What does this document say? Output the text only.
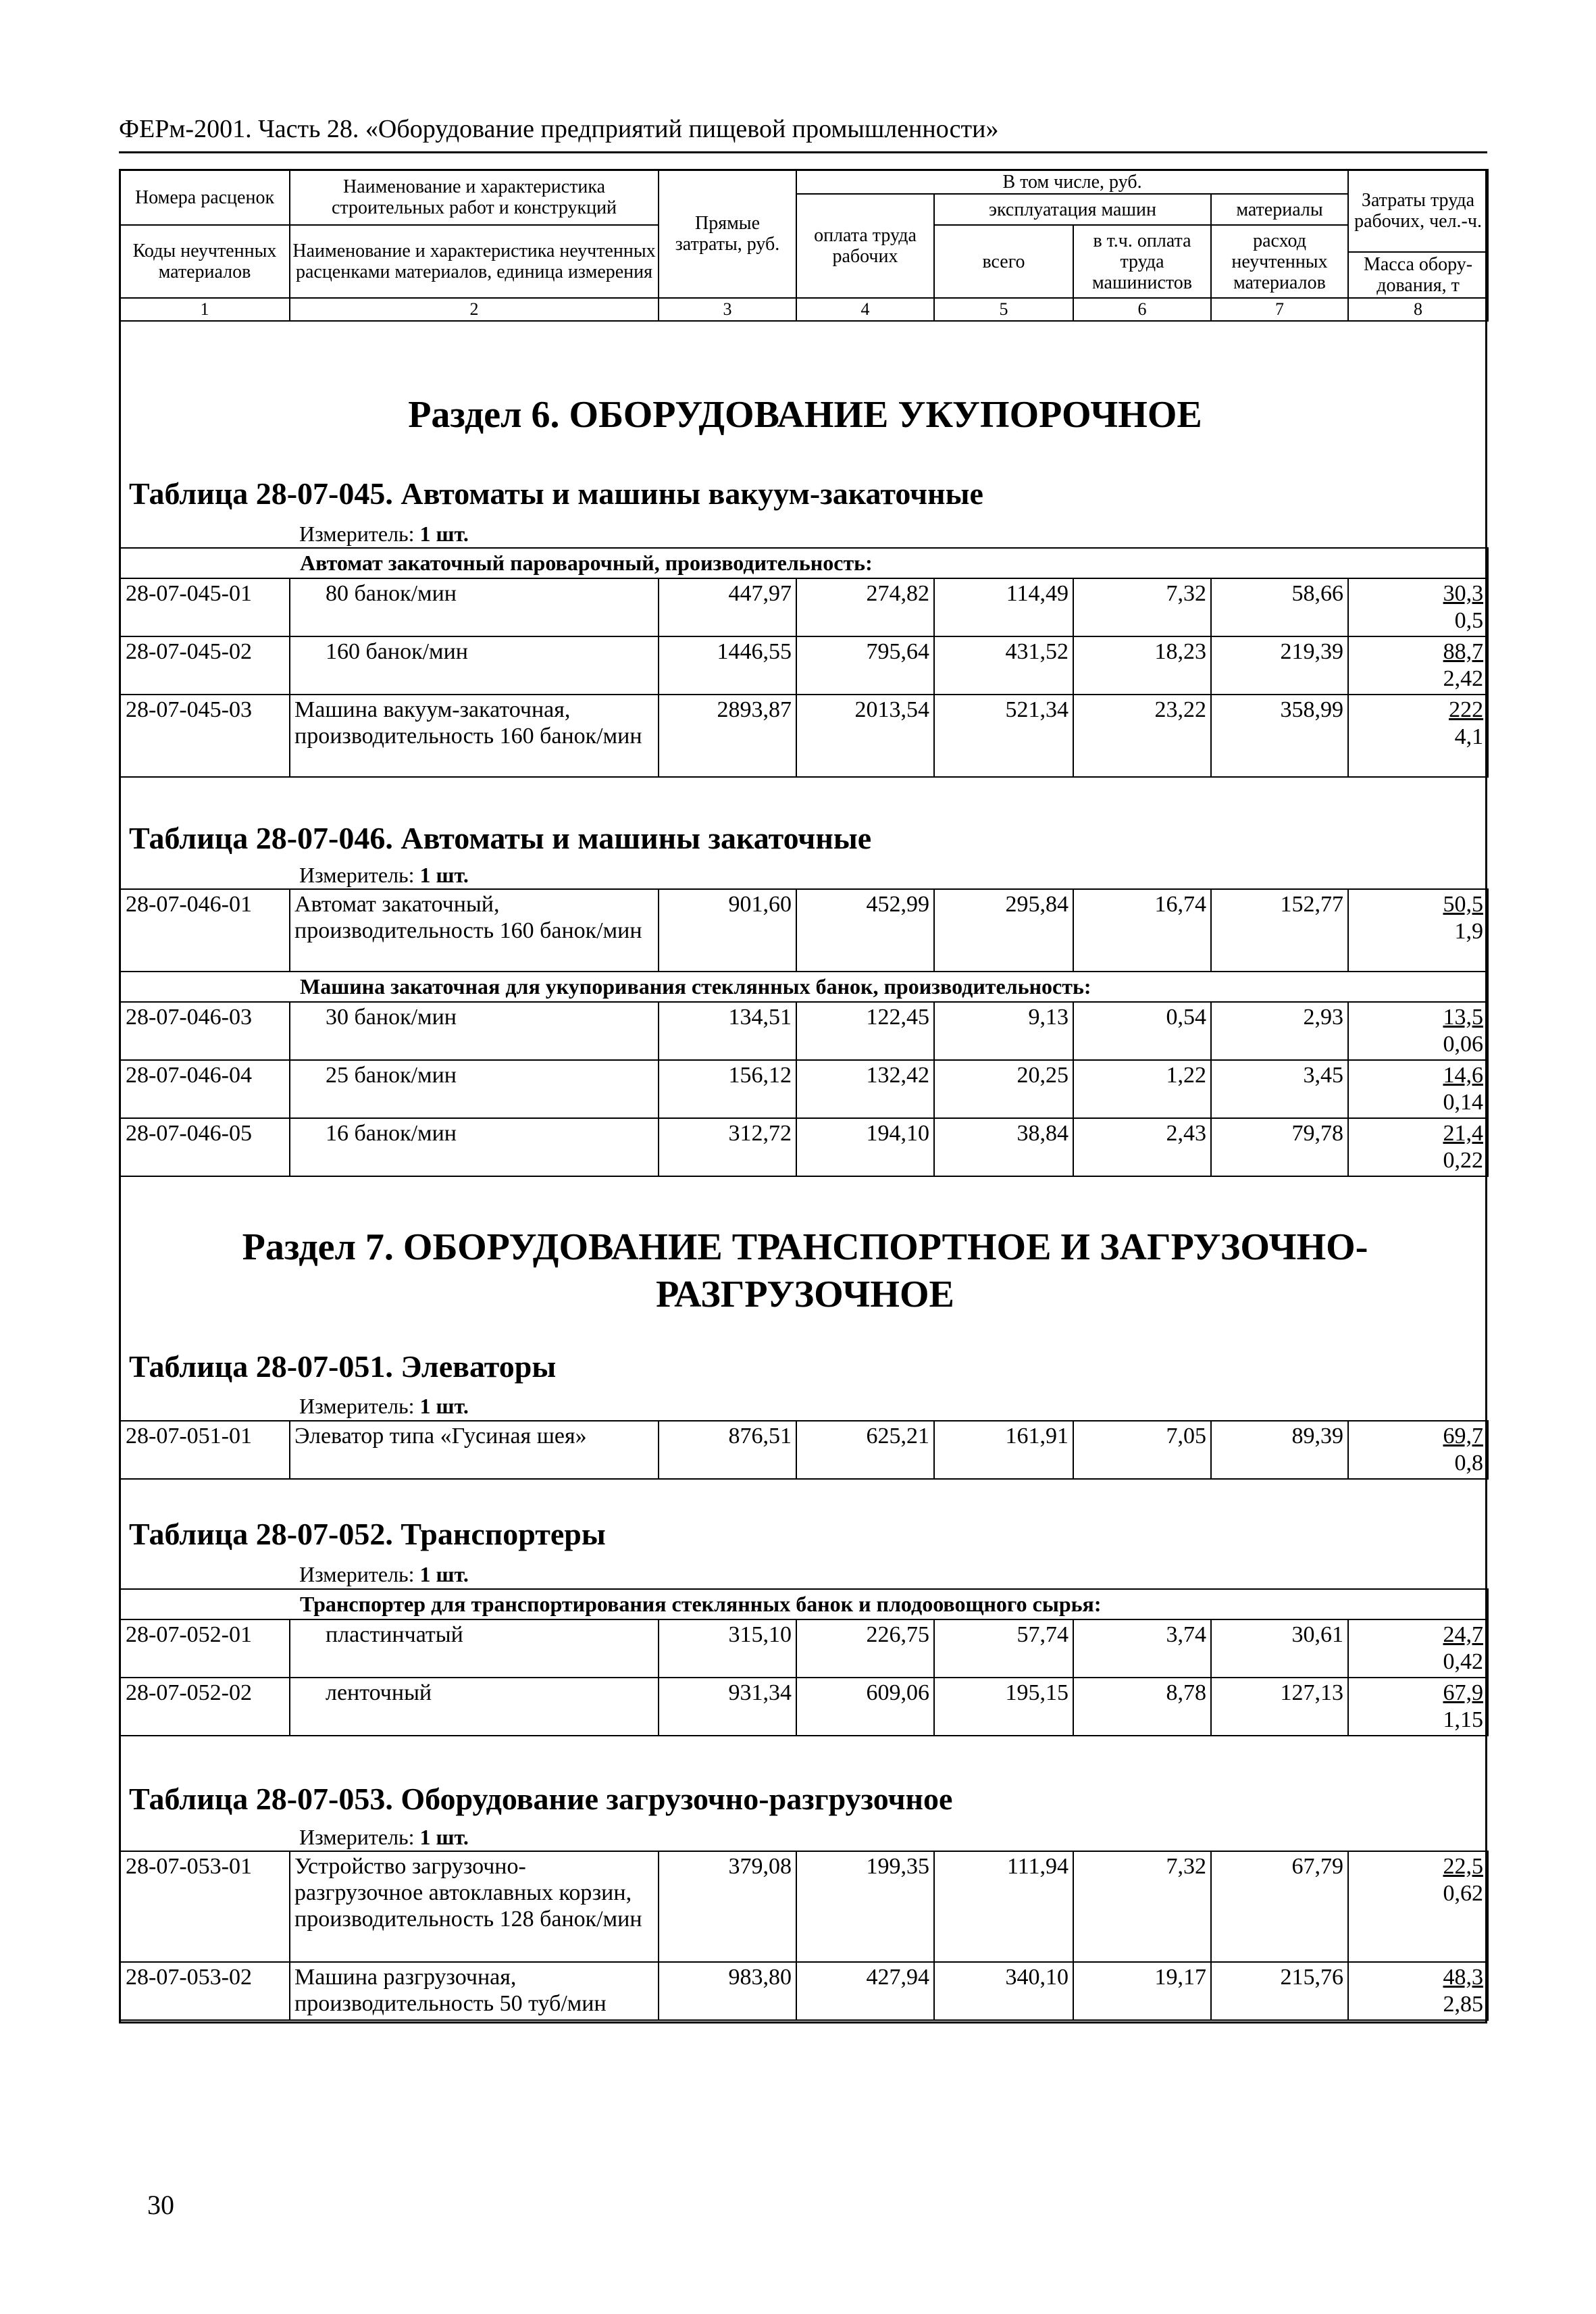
ФЕРм-2001. Часть 28. «Оборудование предприятий пищевой промышленности»
Номера расценок	Наименование и характеристика строительных работ и конструкций	Прямые затраты, руб.	В том числе, руб.				Затраты труда рабочих, чел.-ч.
			оплата труда рабочих	эксплуатация машин		материалы	
Коды неучтенных материалов	Наименование и характеристика неучтенных расценками материалов, единица измерения			всего	в т.ч. оплата труда машинистов	расход неучтенных материалов	
							Масса обору-дования, т
1	2	3	4	5	6	7	8
Раздел 6. ОБОРУДОВАНИЕ УКУПОРОЧНОЕ
Таблица 28-07-045. Автоматы и машины вакуум-закаточные
Измеритель: 1 шт.
Автомат закаточный пароварочный, производительность:							
28-07-045-01	80 банок/мин	447,97	274,82	114,49	7,32	58,66	30,3
0,5

28-07-045-02	160 банок/мин	1446,55	795,64	431,52	18,23	219,39	88,7
2,42

28-07-045-03	Машина вакуум-закаточная, производительность 160 банок/мин	2893,87	2013,54	521,34	23,22	358,99	222
4,1
Таблица 28-07-046. Автоматы и машины закаточные
Измеритель: 1 шт.
28-07-046-01	Автомат закаточный, производительность 160 банок/мин	901,60	452,99	295,84	16,74	152,77	50,5
1,9

Машина закаточная для укупоривания стеклянных банок, производительность:							
28-07-046-03	30 банок/мин	134,51	122,45	9,13	0,54	2,93	13,5
0,06

28-07-046-04	25 банок/мин	156,12	132,42	20,25	1,22	3,45	14,6
0,14

28-07-046-05	16 банок/мин	312,72	194,10	38,84	2,43	79,78	21,4
0,22
Раздел 7. ОБОРУДОВАНИЕ ТРАНСПОРТНОЕ И ЗАГРУЗОЧНО-РАЗГРУЗОЧНОЕ
Таблица 28-07-051. Элеваторы
Измеритель: 1 шт.
28-07-051-01	Элеватор типа «Гусиная шея»	876,51	625,21	161,91	7,05	89,39	69,7
0,8
Таблица 28-07-052. Транспортеры
Измеритель: 1 шт.
Транспортер для транспортирования стеклянных банок и плодоовощного сырья:							
28-07-052-01	пластинчатый	315,10	226,75	57,74	3,74	30,61	24,7
0,42

28-07-052-02	ленточный	931,34	609,06	195,15	8,78	127,13	67,9
1,15
Таблица 28-07-053. Оборудование загрузочно-разгрузочное
Измеритель: 1 шт.
28-07-053-01	Устройство загрузочно-разгрузочное автоклавных корзин, производительность 128 банок/мин	379,08	199,35	111,94	7,32	67,79	22,5
0,62

28-07-053-02	Машина разгрузочная, производительность 50 туб/мин	983,80	427,94	340,10	19,17	215,76	48,3
2,85
30
